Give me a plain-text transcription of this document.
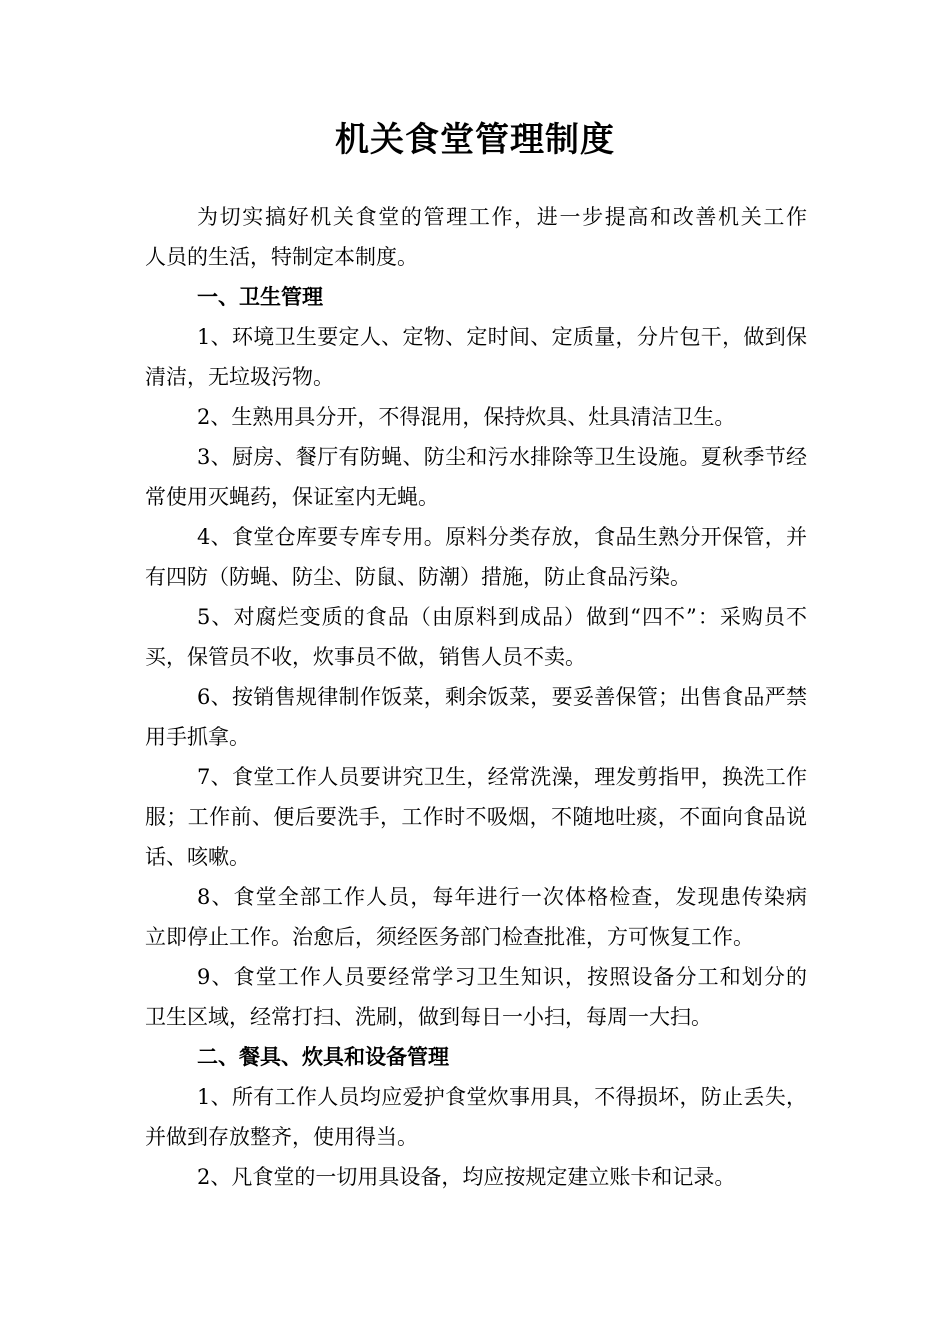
机关食堂管理制度
为切实搞好机关食堂的管理工作，进一步提高和改善机关工作
人员的生活，特制定本制度。
一、卫生管理
1、环境卫生要定人、定物、定时间、定质量，分片包干，做到保
清洁，无垃圾污物。
2、生熟用具分开，不得混用，保持炊具、灶具清洁卫生。
3、厨房、餐厅有防蝇、防尘和污水排除等卫生设施。夏秋季节经
常使用灭蝇药，保证室内无蝇。
4、食堂仓库要专库专用。原料分类存放，食品生熟分开保管，并
有四防（防蝇、防尘、防鼠、防潮）措施，防止食品污染。
5、对腐烂变质的食品（由原料到成品）做到“四不”：采购员不
买，保管员不收，炊事员不做，销售人员不卖。
6、按销售规律制作饭菜，剩余饭菜，要妥善保管；出售食品严禁
用手抓拿。
7、食堂工作人员要讲究卫生，经常洗澡，理发剪指甲，换洗工作
服；工作前、便后要洗手，工作时不吸烟，不随地吐痰，不面向食品说
话、咳嗽。
8、食堂全部工作人员，每年进行一次体格检查，发现患传染病
立即停止工作。治愈后，须经医务部门检查批准，方可恢复工作。
9、食堂工作人员要经常学习卫生知识，按照设备分工和划分的
卫生区域，经常打扫、洗刷，做到每日一小扫，每周一大扫。
二、餐具、炊具和设备管理
1、所有工作人员均应爱护食堂炊事用具，不得损坏，防止丢失，
并做到存放整齐，使用得当。
2、凡食堂的一切用具设备，均应按规定建立账卡和记录。
